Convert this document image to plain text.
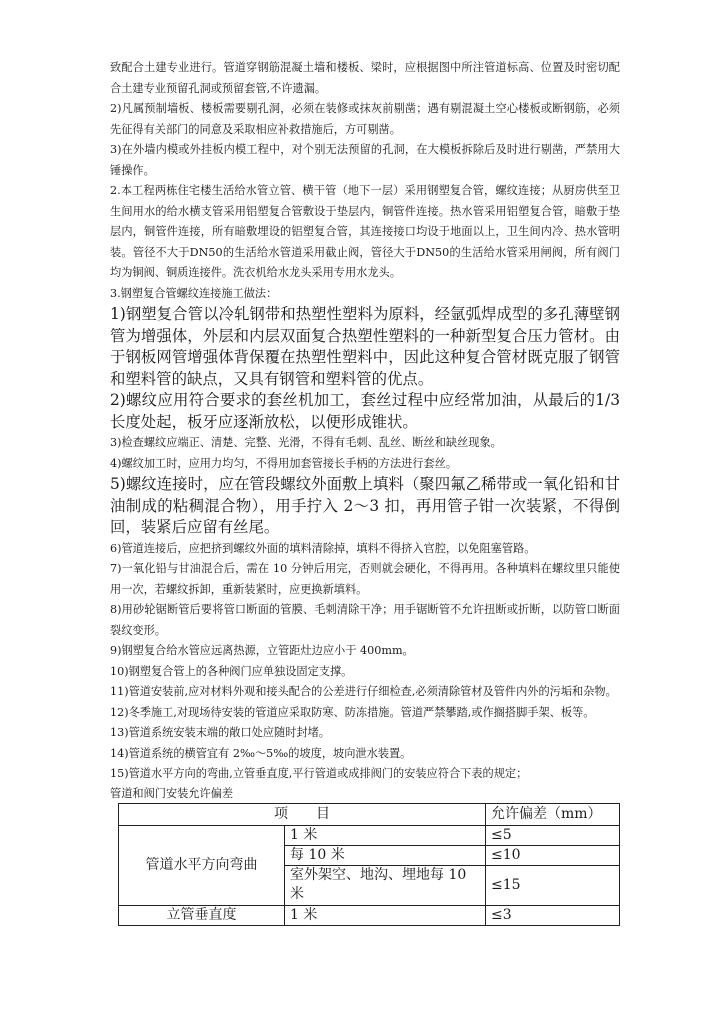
致配合土建专业进行。管道穿钢筋混凝土墙和楼板、梁时，应根据图中所注管道标高、位置及时密切配合土建专业预留孔洞或预留套管,不许遗漏。

2)凡属预制墙板、楼板需要剔孔洞，必须在装修或抹灰前剔凿；遇有剔混凝土空心楼板或断钢筋，必须先征得有关部门的同意及采取相应补救措施后，方可剔凿。

3)在外墙内模或外挂板内模工程中，对个别无法预留的孔洞，在大模板拆除后及时进行剔凿，严禁用大锤操作。

2.本工程两栋住宅楼生活给水管立管、横干管（地下一层）采用钢塑复合管，螺纹连接；从厨房供至卫生间用水的给水横支管采用铝塑复合管敷设于垫层内，铜管件连接。热水管采用铝塑复合管，暗敷于垫层内，铜管件连接，所有暗敷埋设的铝塑复合管，其连接接口均设于地面以上，卫生间内冷、热水管明装。管径不大于DN50的生活给水管道采用截止阀，管径大于DN50的生活给水管采用闸阀，所有阀门均为铜阀、铜质连接件。洗衣机给水龙头采用专用水龙头。

3.钢塑复合管螺纹连接施工做法：

1)钢塑复合管以冷轧钢带和热塑性塑料为原料，经氩弧焊成型的多孔薄壁钢管为增强体，外层和内层双面复合热塑性塑料的一种新型复合压力管材。由于钢板网管增强体背保覆在热塑性塑料中，因此这种复合管材既克服了钢管和塑料管的缺点，又具有钢管和塑料管的优点。

2)螺纹应用符合要求的套丝机加工，套丝过程中应经常加油，从最后的1/3 长度处起，板牙应逐渐放松，以便形成锥状。

3)检查螺纹应端正、清楚、完整、光滑，不得有毛刺、乱丝、断丝和缺丝现象。

4)螺纹加工时，应用力均匀，不得用加套管接长手柄的方法进行套丝。

5)螺纹连接时，应在管段螺纹外面敷上填料（聚四氟乙稀带或一氧化铅和甘油制成的粘稠混合物），用手拧入 2～3 扣，再用管子钳一次装紧，不得倒回，装紧后应留有丝尾。

6)管道连接后，应把挤到螺纹外面的填料清除掉，填料不得挤入官腔，以免阻塞管路。

7)一氧化铅与甘油混合后，需在 10 分钟后用完，否则就会硬化，不得再用。各种填料在螺纹里只能使用一次，若螺纹拆卸，重新装紧时，应更换新填料。

8)用砂轮锯断管后要将管口断面的管膜、毛刺清除干净；用手锯断管不允许扭断或折断，以防管口断面裂纹变形。

9)钢塑复合给水管应远离热源，立管距灶边应小于 400mm。

10)钢塑复合管上的各种阀门应单独设固定支撑。

11)管道安装前,应对材料外观和接头配合的公差进行仔细检查,必须清除管材及管件内外的污垢和杂物。

12)冬季施工,对现场待安装的管道应采取防寒、防冻措施。管道严禁攀踏,或作搁搭脚手架、板等。

13)管道系统安装末端的敞口处应随时封堵。

14)管道系统的横管宜有 2‰～5‰的坡度，坡向泄水装置。

15)管道水平方向的弯曲,立管垂直度,平行管道或成排阀门的安装应符合下表的规定；

管道和阀门安装允许偏差
项　　目		允许偏差（mm）
管道水平方向弯曲	1 米	≤5
	每 10 米	≤10
	室外架空、地沟、埋地每 10 米	≤15
立管垂直度	1 米	≤3
